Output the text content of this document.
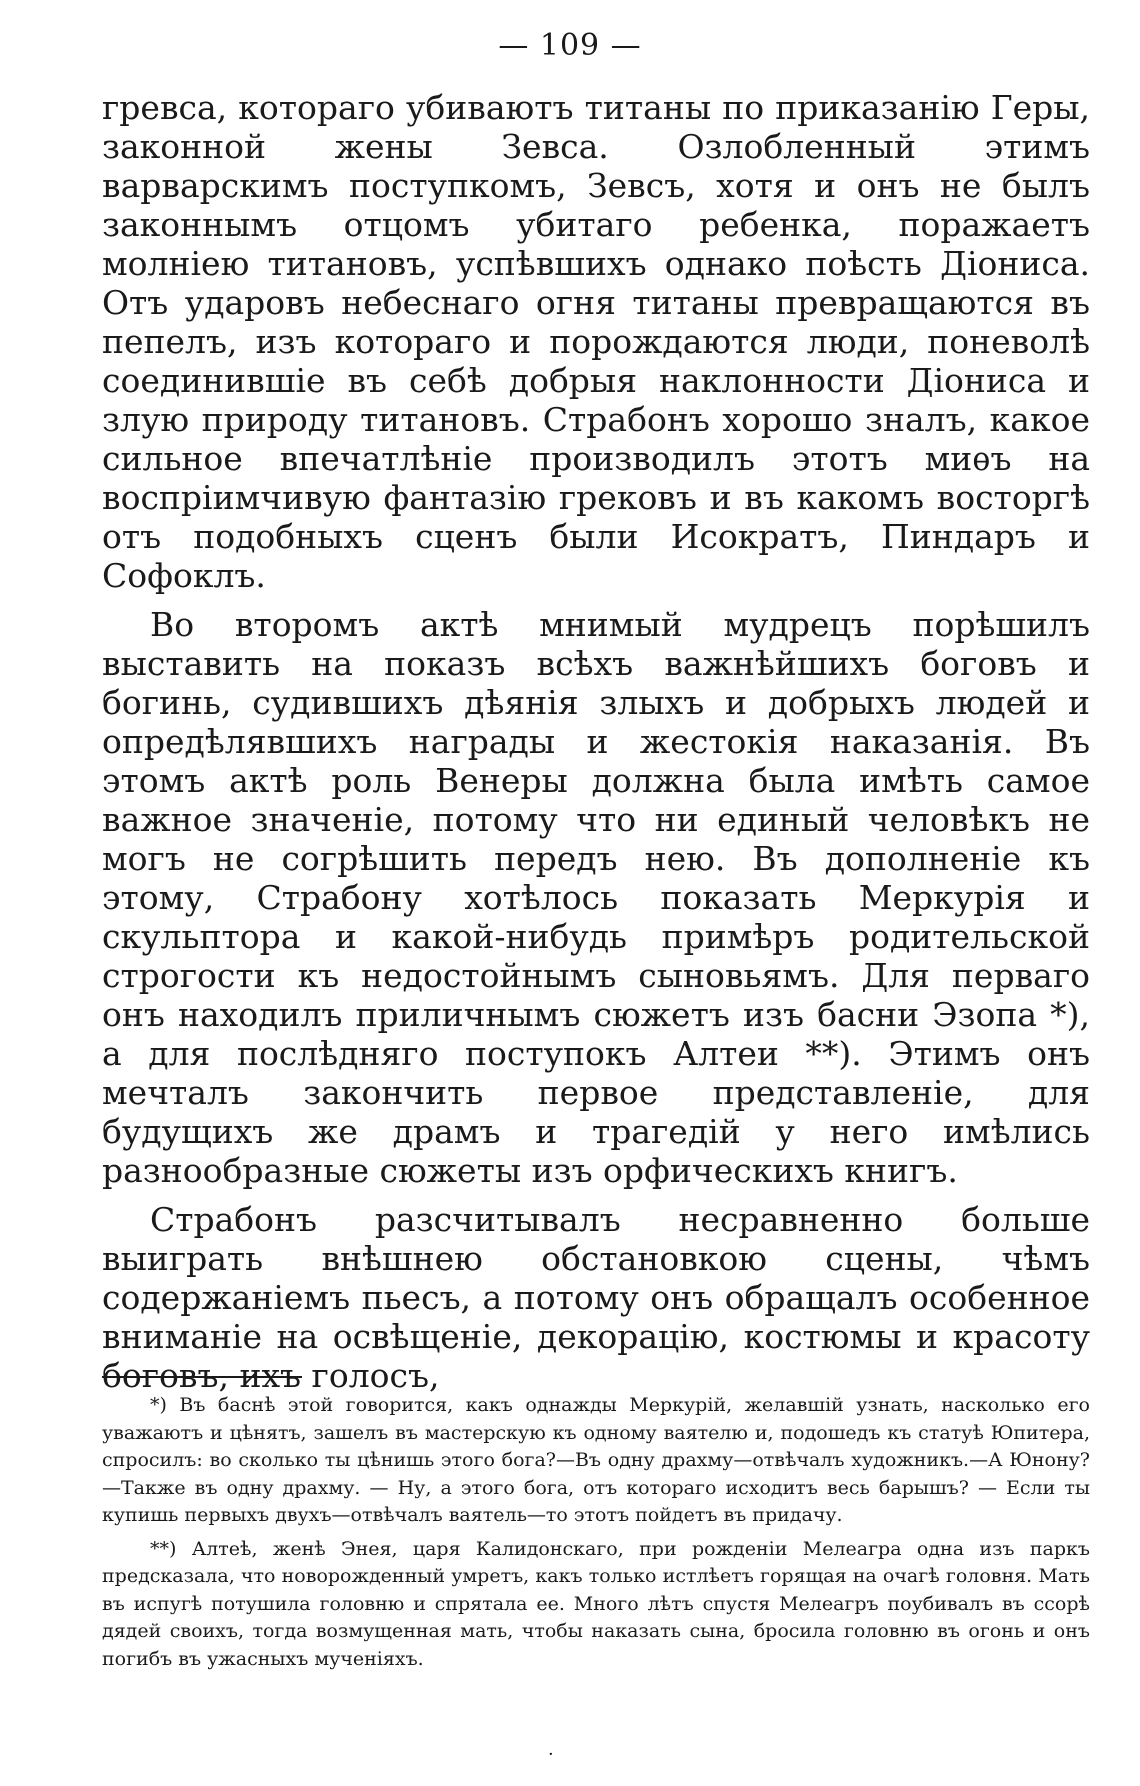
— 109 —

гревса, котораго убиваютъ титаны по приказанію Геры, законной жены Зевса. Озлобленный этимъ варварскимъ поступкомъ, Зевсъ, хотя и онъ не былъ законнымъ отцомъ убитаго ребенка, поражаетъ молніею титановъ, успѣвшихъ однако поѣсть Діониса. Отъ ударовъ небеснаго огня титаны превращаются въ пепелъ, изъ котораго и порождаются люди, поневолѣ соединившіе въ себѣ добрыя наклонности Діониса и злую природу титановъ. Страбонъ хорошо зналъ, какое сильное впечатлѣніе производилъ этотъ миѳъ на воспріимчивую фантазію грековъ и въ какомъ восторгѣ отъ подобныхъ сценъ были Исократъ, Пиндаръ и Софоклъ.

Во второмъ актѣ мнимый мудрецъ порѣшилъ выставить на показъ всѣхъ важнѣйшихъ боговъ и богинь, судившихъ дѣянія злыхъ и добрыхъ людей и опредѣлявшихъ награды и жестокія наказанія. Въ этомъ актѣ роль Венеры должна была имѣть самое важное значеніе, потому что ни единый человѣкъ не могъ не согрѣшить передъ нею. Въ дополненіе къ этому, Страбону хотѣлось показать Меркурія и скульптора и какой-нибудь примѣръ родительской строгости къ недостойнымъ сыновьямъ. Для перваго онъ находилъ приличнымъ сюжетъ изъ басни Эзопа *), а для послѣдняго поступокъ Алтеи **). Этимъ онъ мечталъ закончить первое представленіе, для будущихъ же драмъ и трагедій у него имѣлись разнообразные сюжеты изъ орфическихъ книгъ.

Страбонъ разсчитывалъ несравненно больше выиграть внѣшнею обстановкою сцены, чѣмъ содержаніемъ пьесъ, а потому онъ обращалъ особенное вниманіе на освѣщеніе, декорацію, костюмы и красоту боговъ, ихъ голосъ,

*) Въ баснѣ этой говорится, какъ однажды Меркурій, желавшій узнать, насколько его уважаютъ и цѣнятъ, зашелъ въ мастерскую къ одному ваятелю и, подошедъ къ статуѣ Юпитера, спросилъ: во сколько ты цѣнишь этого бога?—Въ одну драхму—отвѣчалъ художникъ.—А Юнону?—Также въ одну драхму. — Ну, а этого бога, отъ котораго исходитъ весь барышъ? — Если ты купишь первыхъ двухъ—отвѣчалъ ваятель—то этотъ пойдетъ въ придачу.

**) Алтеѣ, женѣ Энея, царя Калидонскаго, при рожденіи Мелеагра одна изъ паркъ предсказала, что новорожденный умретъ, какъ только истлѣетъ горящая на очагѣ головня. Мать въ испугѣ потушила головню и спрятала ее. Много лѣтъ спустя Мелеагръ поубивалъ въ ссорѣ дядей своихъ, тогда возмущенная мать, чтобы наказать сына, бросила головню въ огонь и онъ погибъ въ ужасныхъ мученіяхъ.

·
